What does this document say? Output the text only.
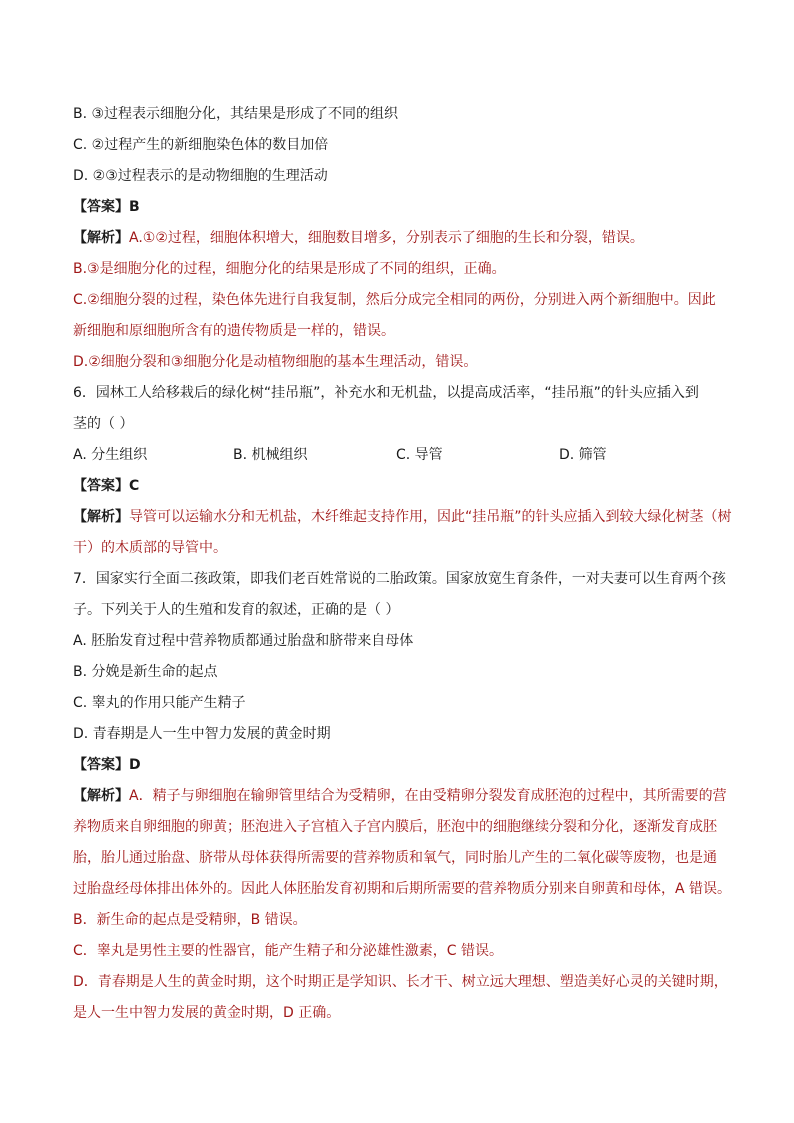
B. ③过程表示细胞分化，其结果是形成了不同的组织
C. ②过程产生的新细胞染色体的数目加倍
D. ②③过程表示的是动物细胞的生理活动
【答案】B
【解析】A.①②过程，细胞体积增大，细胞数目增多，分别表示了细胞的生长和分裂，错误。
B.③是细胞分化的过程，细胞分化的结果是形成了不同的组织，正确。
C.②细胞分裂的过程，染色体先进行自我复制，然后分成完全相同的两份，分别进入两个新细胞中。因此
新细胞和原细胞所含有的遗传物质是一样的，错误。
D.②细胞分裂和③细胞分化是动植物细胞的基本生理活动，错误。
6．园林工人给移栽后的绿化树“挂吊瓶”，补充水和无机盐，以提高成活率，“挂吊瓶”的针头应插入到
茎的（ ）
A. 分生组织	B. 机械组织	C. 导管	D. 筛管
【答案】C
【解析】导管可以运输水分和无机盐，木纤维起支持作用，因此“挂吊瓶”的针头应插入到较大绿化树茎（树
干）的木质部的导管中。
7．国家实行全面二孩政策，即我们老百姓常说的二胎政策。国家放宽生育条件，一对夫妻可以生育两个孩
子。下列关于人的生殖和发育的叙述，正确的是（ ）
A. 胚胎发育过程中营养物质都通过胎盘和脐带来自母体
B. 分娩是新生命的起点
C. 睾丸的作用只能产生精子
D. 青春期是人一生中智力发展的黄金时期
【答案】D
【解析】A．精子与卵细胞在输卵管里结合为受精卵，在由受精卵分裂发育成胚泡的过程中，其所需要的营
养物质来自卵细胞的卵黄；胚泡进入子宫植入子宫内膜后，胚泡中的细胞继续分裂和分化，逐渐发育成胚
胎，胎儿通过胎盘、脐带从母体获得所需要的营养物质和氧气，同时胎儿产生的二氧化碳等废物，也是通
过胎盘经母体排出体外的。因此人体胚胎发育初期和后期所需要的营养物质分别来自卵黄和母体，A 错误。
B．新生命的起点是受精卵，B 错误。
C．睾丸是男性主要的性器官，能产生精子和分泌雄性激素，C 错误。
D．青春期是人生的黄金时期，这个时期正是学知识、长才干、树立远大理想、塑造美好心灵的关键时期，
是人一生中智力发展的黄金时期，D 正确。
